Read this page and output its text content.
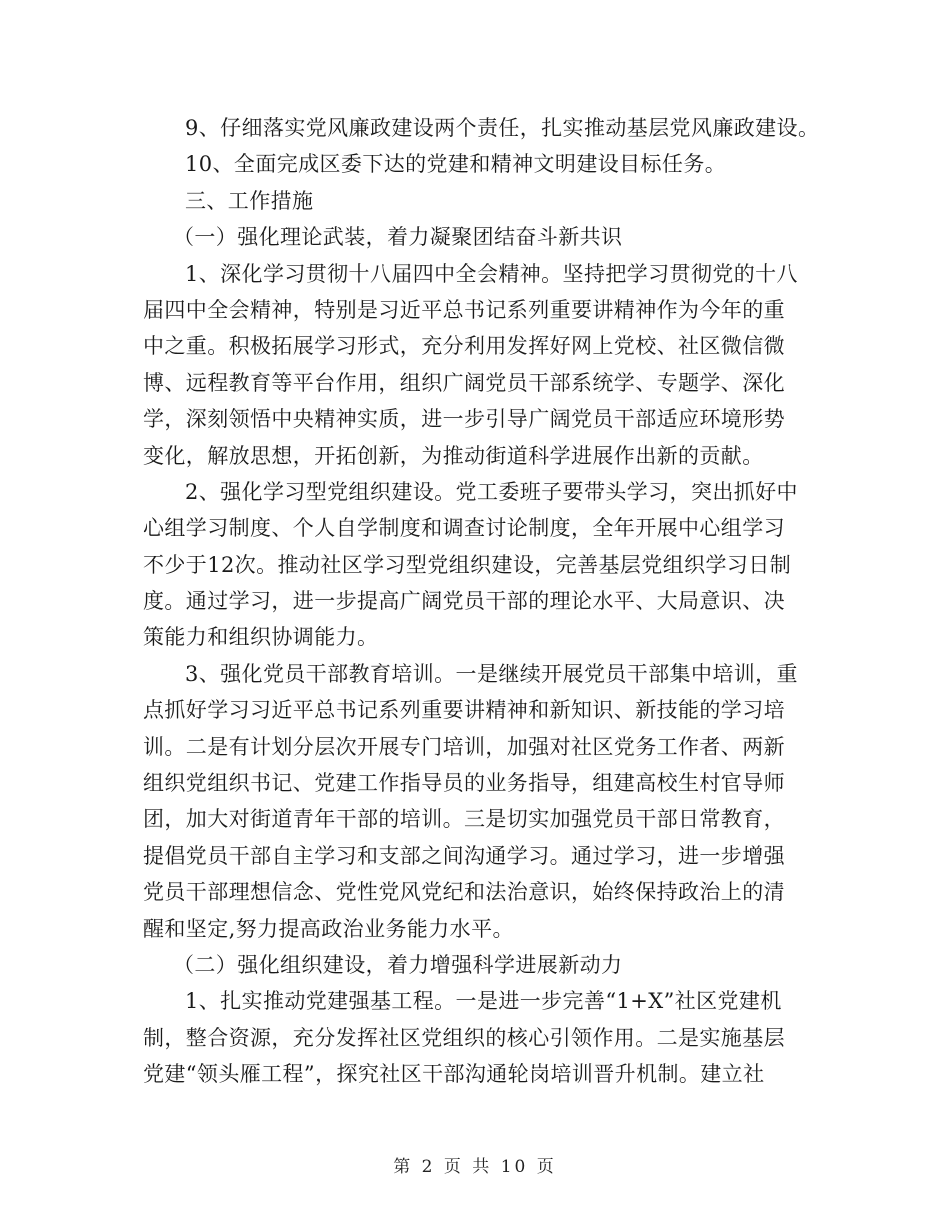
9、仔细落实党风廉政建设两个责任，扎实推动基层党风廉政建设。
10、全面完成区委下达的党建和精神文明建设目标任务。
三、工作措施
（一）强化理论武装，着力凝聚团结奋斗新共识
1、深化学习贯彻十八届四中全会精神。坚持把学习贯彻党的十八
届四中全会精神，特别是习近平总书记系列重要讲精神作为今年的重
中之重。积极拓展学习形式，充分利用发挥好网上党校、社区微信微
博、远程教育等平台作用，组织广阔党员干部系统学、专题学、深化
学，深刻领悟中央精神实质，进一步引导广阔党员干部适应环境形势
变化，解放思想，开拓创新，为推动街道科学进展作出新的贡献。
2、强化学习型党组织建设。党工委班子要带头学习，突出抓好中
心组学习制度、个人自学制度和调查讨论制度，全年开展中心组学习
不少于12次。推动社区学习型党组织建设，完善基层党组织学习日制
度。通过学习，进一步提高广阔党员干部的理论水平、大局意识、决
策能力和组织协调能力。
3、强化党员干部教育培训。一是继续开展党员干部集中培训，重
点抓好学习习近平总书记系列重要讲精神和新知识、新技能的学习培
训。二是有计划分层次开展专门培训，加强对社区党务工作者、两新
组织党组织书记、党建工作指导员的业务指导，组建高校生村官导师
团，加大对街道青年干部的培训。三是切实加强党员干部日常教育，
提倡党员干部自主学习和支部之间沟通学习。通过学习，进一步增强
党员干部理想信念、党性党风党纪和法治意识，始终保持政治上的清
醒和坚定,努力提高政治业务能力水平。
（二）强化组织建设，着力增强科学进展新动力
1、扎实推动党建强基工程。一是进一步完善“1+X”社区党建机
制，整合资源，充分发挥社区党组织的核心引领作用。二是实施基层
党建“领头雁工程”，探究社区干部沟通轮岗培训晋升机制。建立社
第 2 页 共 10 页
